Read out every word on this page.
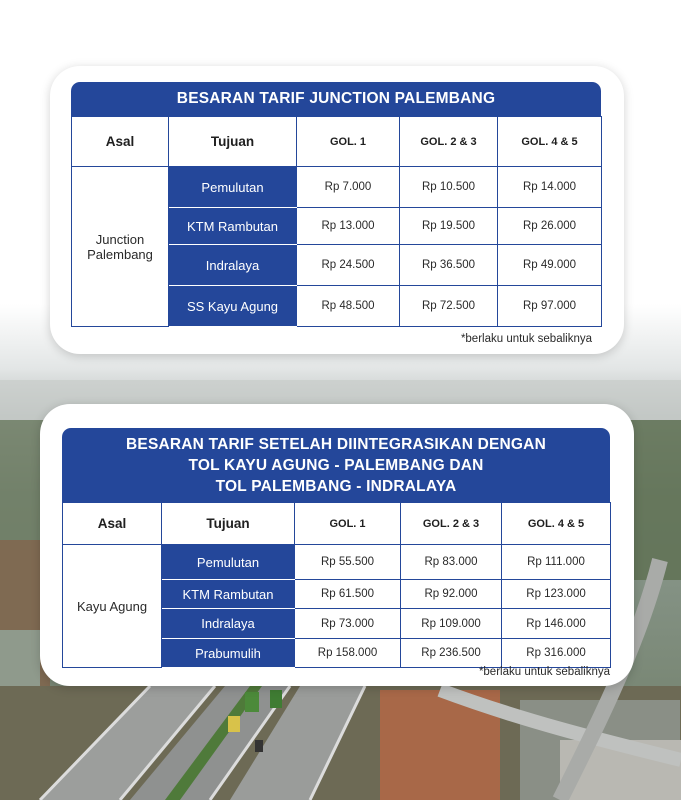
BESARAN TARIF JUNCTION PALEMBANG
Asal	Tujuan	GOL. 1	GOL. 2 & 3	GOL. 4 & 5
Junction Palembang	Pemulutan	Rp 7.000	Rp 10.500	Rp 14.000
	KTM Rambutan	Rp 13.000	Rp 19.500	Rp 26.000
	Indralaya	Rp 24.500	Rp 36.500	Rp 49.000
	SS Kayu Agung	Rp 48.500	Rp 72.500	Rp 97.000
*berlaku untuk sebaliknya
BESARAN TARIF SETELAH DIINTEGRASIKAN DENGAN
TOL KAYU AGUNG - PALEMBANG DAN
TOL PALEMBANG - INDRALAYA
Asal	Tujuan	GOL. 1	GOL. 2 & 3	GOL. 4 & 5
Kayu Agung	Pemulutan	Rp 55.500	Rp 83.000	Rp 111.000
	KTM Rambutan	Rp 61.500	Rp 92.000	Rp 123.000
	Indralaya	Rp 73.000	Rp 109.000	Rp 146.000
	Prabumulih	Rp 158.000	Rp 236.500	Rp 316.000
*berlaku untuk sebaliknya
